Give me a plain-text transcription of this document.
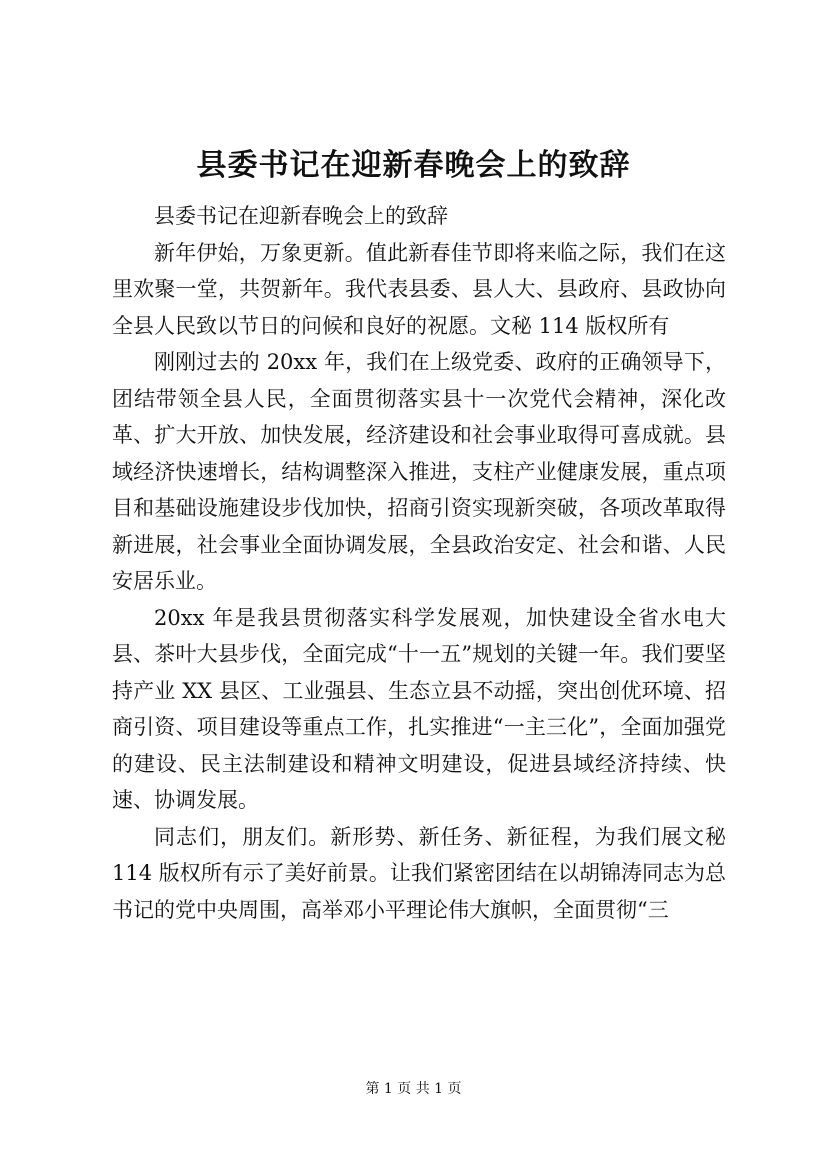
县委书记在迎新春晚会上的致辞

县委书记在迎新春晚会上的致辞

新年伊始，万象更新。值此新春佳节即将来临之际，我们在这里欢聚一堂，共贺新年。我代表县委、县人大、县政府、县政协向全县人民致以节日的问候和良好的祝愿。文秘 114 版权所有

刚刚过去的 20xx 年，我们在上级党委、政府的正确领导下，团结带领全县人民，全面贯彻落实县十一次党代会精神，深化改革、扩大开放、加快发展，经济建设和社会事业取得可喜成就。县域经济快速增长，结构调整深入推进，支柱产业健康发展，重点项目和基础设施建设步伐加快，招商引资实现新突破，各项改革取得新进展，社会事业全面协调发展，全县政治安定、社会和谐、人民安居乐业。

20xx 年是我县贯彻落实科学发展观，加快建设全省水电大县、茶叶大县步伐，全面完成“十一五”规划的关键一年。我们要坚持产业 XX 县区、工业强县、生态立县不动摇，突出创优环境、招商引资、项目建设等重点工作，扎实推进“一主三化”，全面加强党的建设、民主法制建设和精神文明建设，促进县域经济持续、快速、协调发展。

同志们，朋友们。新形势、新任务、新征程，为我们展文秘 114 版权所有示了美好前景。让我们紧密团结在以胡锦涛同志为总书记的党中央周围，高举邓小平理论伟大旗帜，全面贯彻“三

第 1 页 共 1 页
